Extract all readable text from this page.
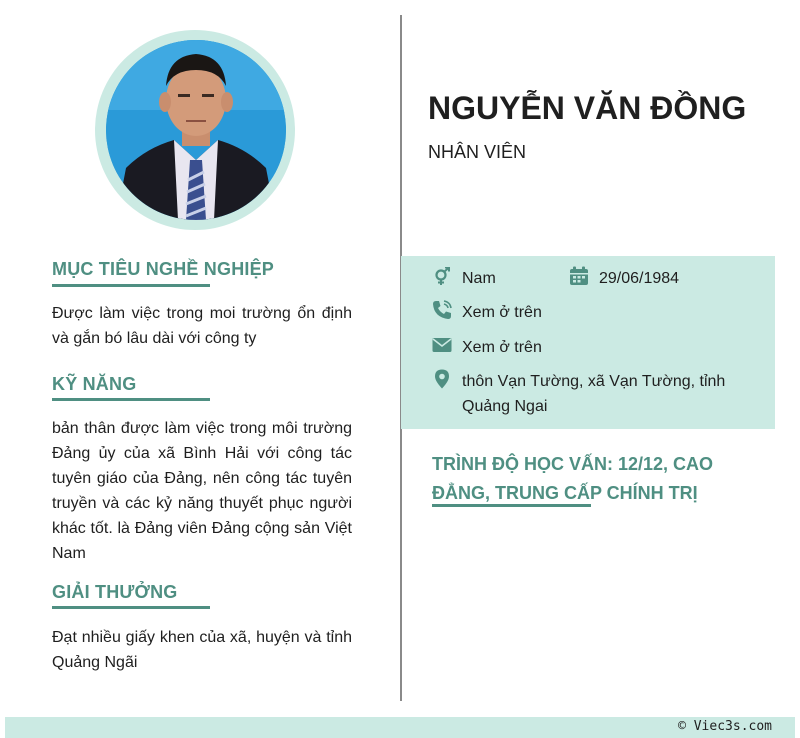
MỤC TIÊU NGHỀ NGHIỆP
Được làm việc trong moi trường ổn định và gắn bó lâu dài với công ty
KỸ NĂNG
bản thân được làm việc trong môi trường Đảng ủy của xã Bình Hải với công tác tuyên giáo của Đảng, nên công tác tuyên truyền và các kỷ năng thuyết phục người khác tốt. là Đảng viên Đảng cộng sản Việt Nam
GIẢI THƯỞNG
Đạt nhiều giấy khen của xã, huyện và tỉnh Quảng Ngãi
NGUYỄN VĂN ĐỒNG
NHÂN VIÊN
Nam	29/06/1984
Xem ở trên
Xem ở trên
thôn Vạn Tường, xã Vạn Tường, tỉnh Quảng Ngai
TRÌNH ĐỘ HỌC VẤN: 12/12, CAO ĐẲNG, TRUNG CẤP CHÍNH TRỊ
© Viec3s.com
